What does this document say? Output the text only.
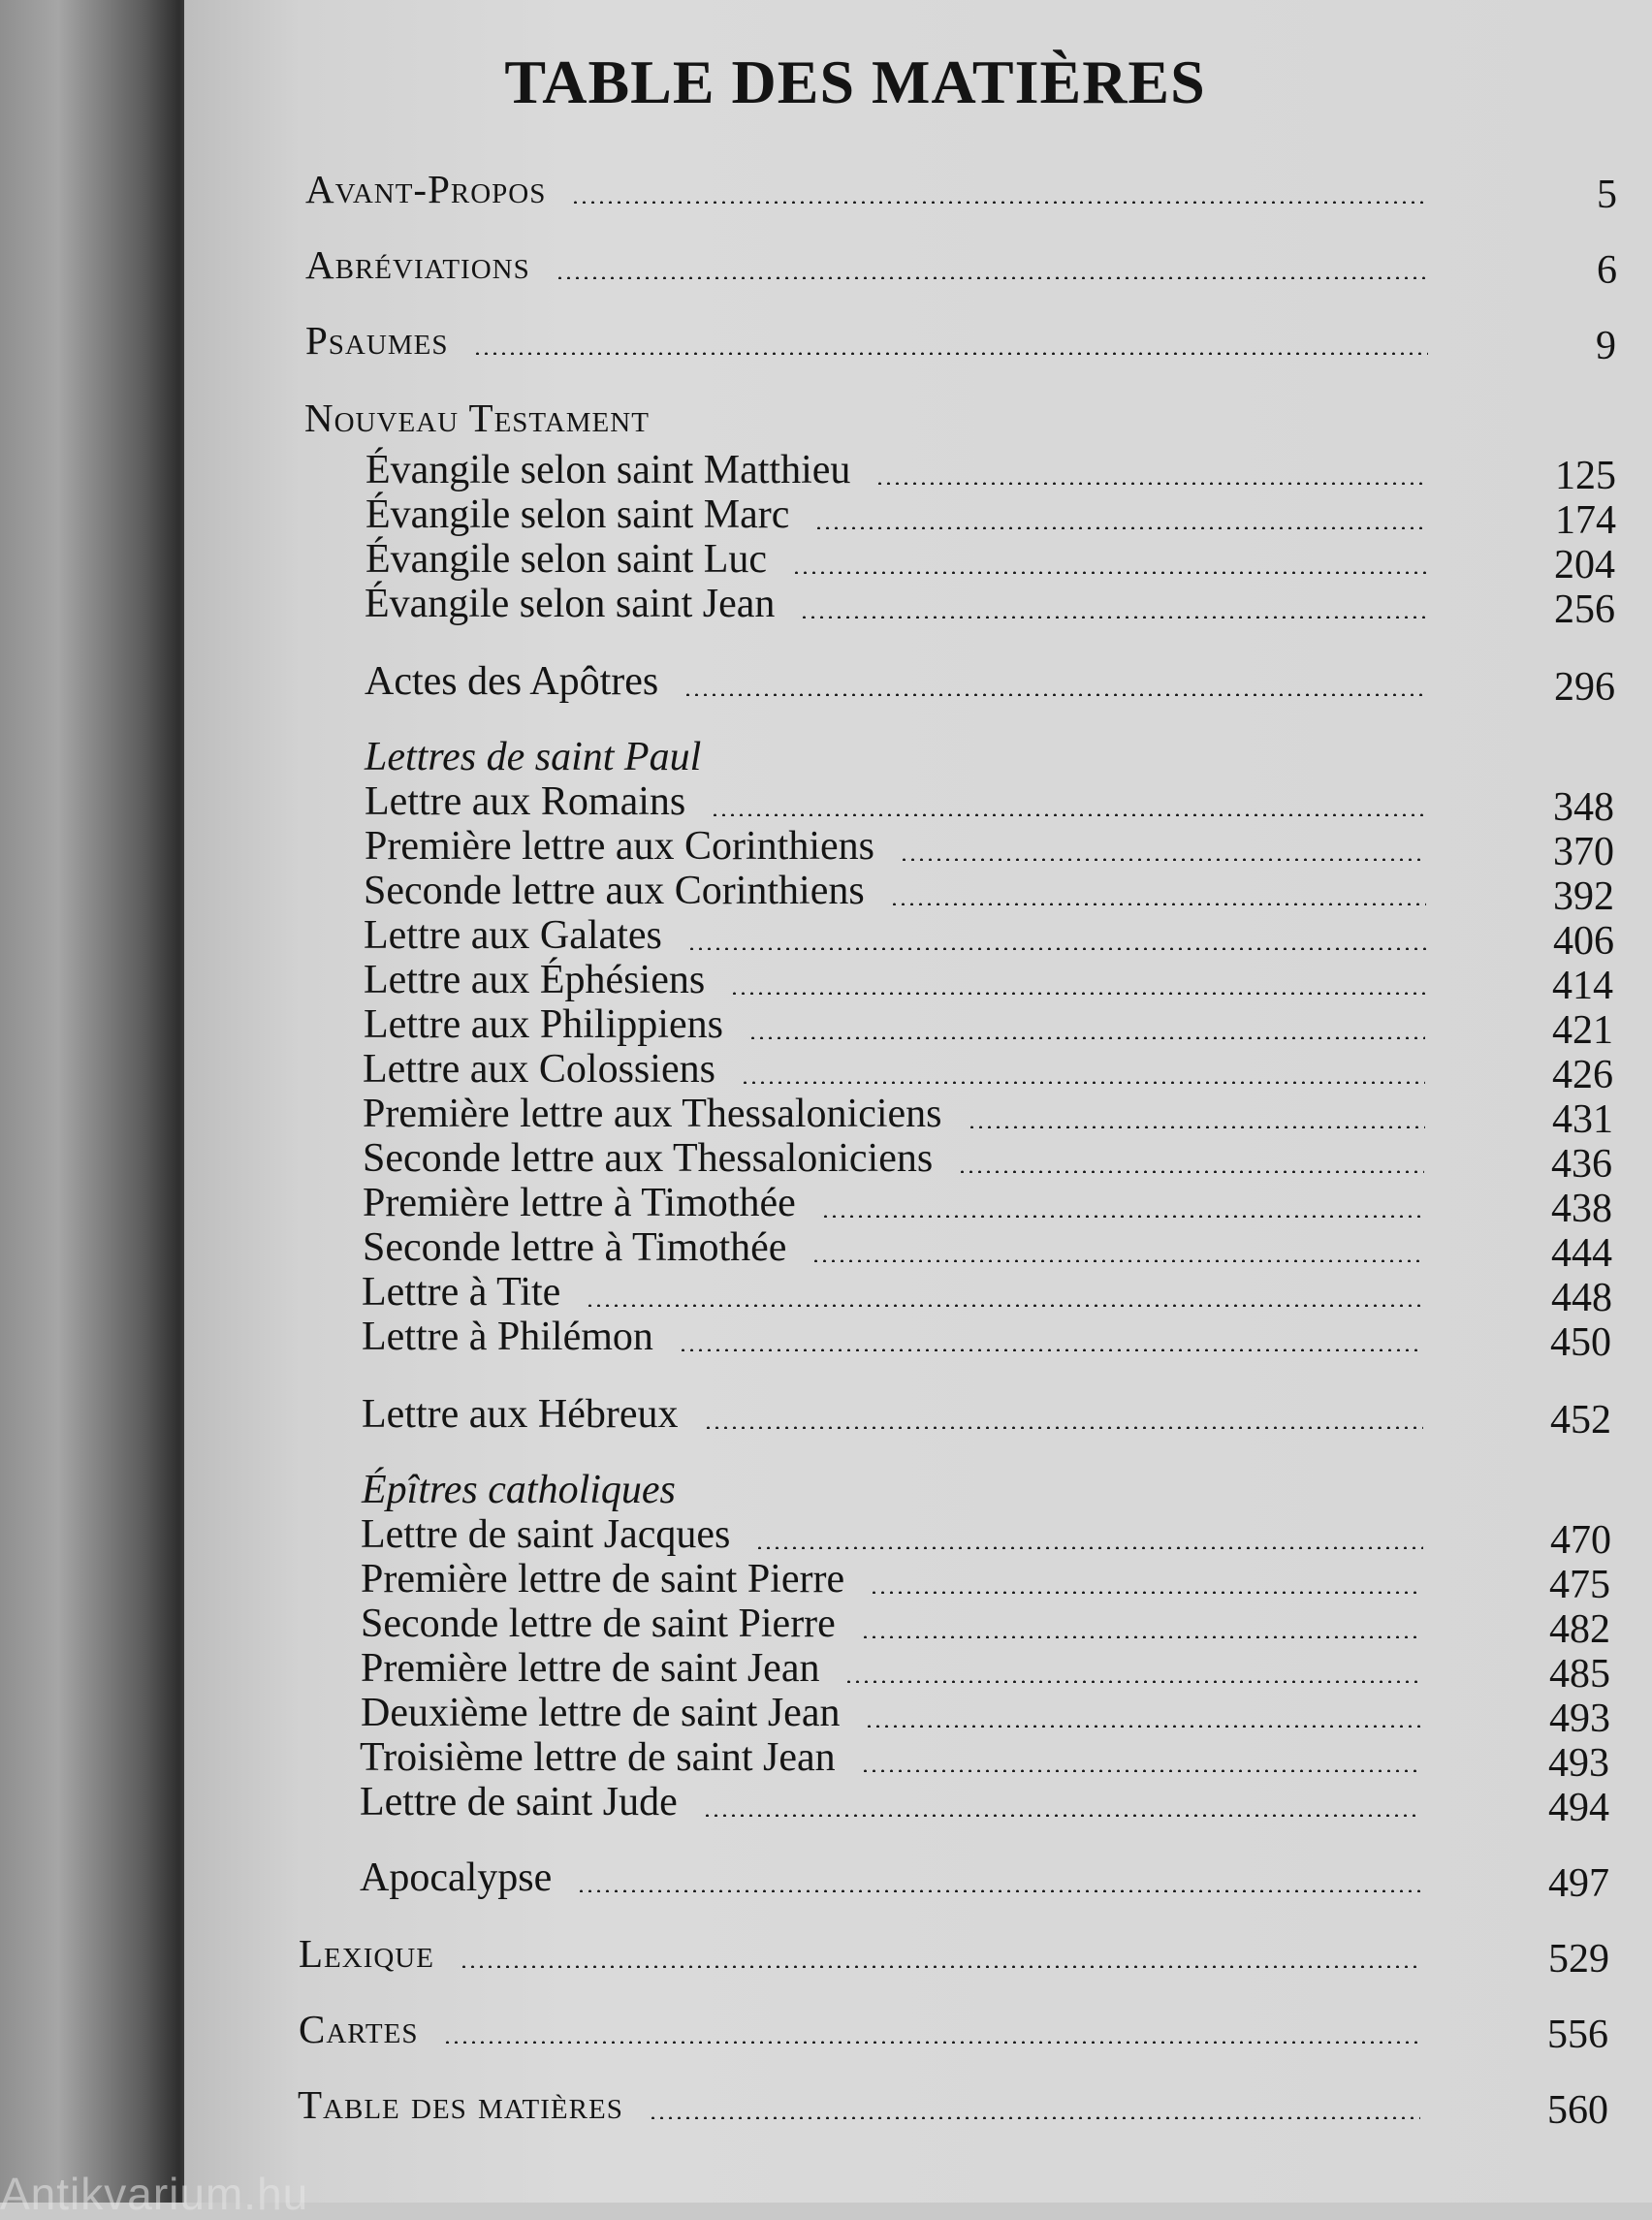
TABLE DES MATIÈRES
Avant-Propos	5
Abréviations	6
Psaumes	9
Nouveau Testament
Évangile selon saint Matthieu	125
Évangile selon saint Marc	174
Évangile selon saint Luc	204
Évangile selon saint Jean	256
Actes des Apôtres	296
Lettres de saint Paul
Lettre aux Romains	348
Première lettre aux Corinthiens	370
Seconde lettre aux Corinthiens	392
Lettre aux Galates	406
Lettre aux Éphésiens	414
Lettre aux Philippiens	421
Lettre aux Colossiens	426
Première lettre aux Thessaloniciens	431
Seconde lettre aux Thessaloniciens	436
Première lettre à Timothée	438
Seconde lettre à Timothée	444
Lettre à Tite	448
Lettre à Philémon	450
Lettre aux Hébreux	452
Épîtres catholiques
Lettre de saint Jacques	470
Première lettre de saint Pierre	475
Seconde lettre de saint Pierre	482
Première lettre de saint Jean	485
Deuxième lettre de saint Jean	493
Troisième lettre de saint Jean	493
Lettre de saint Jude	494
Apocalypse	497
Lexique	529
Cartes	556
Table des matières	560
Antikvarium.hu
